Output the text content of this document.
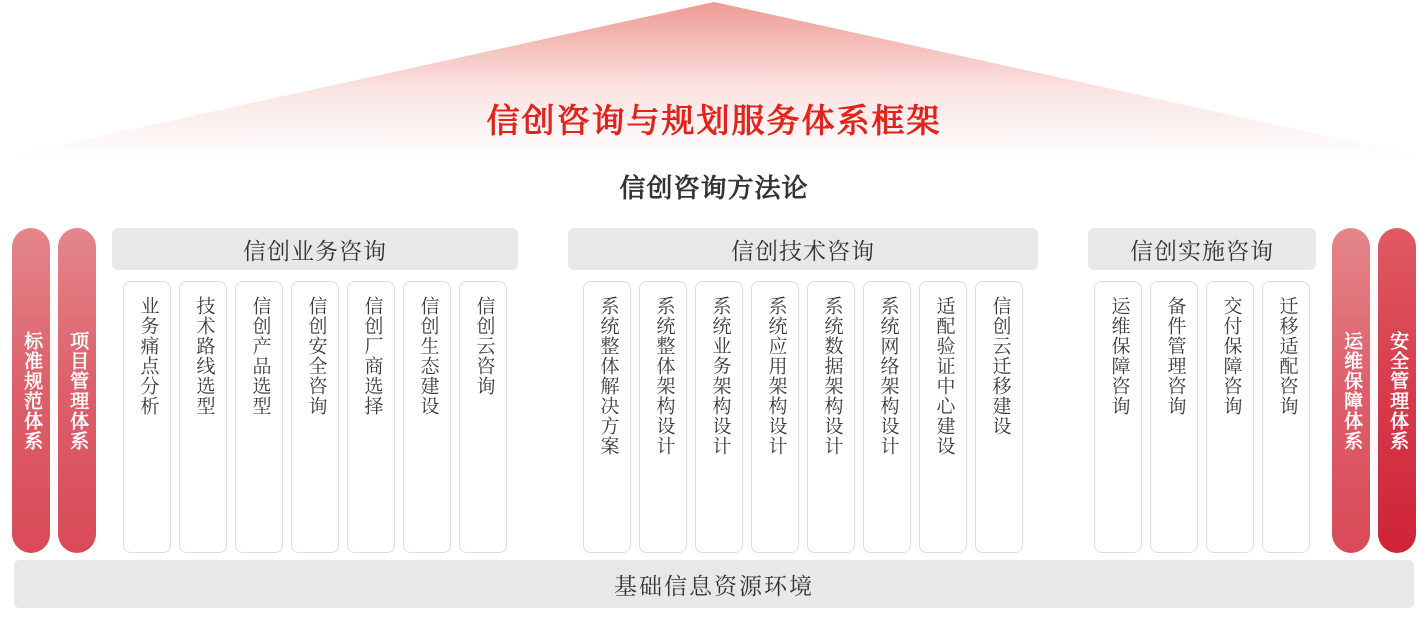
信创咨询与规划服务体系框架
信创咨询方法论
标准规范体系 项目管理体系
信创业务咨询
业务痛点分析 技术路线选型 信创产品选型 信创安全咨询 信创厂商选择 信创生态建设 信创云咨询
信创技术咨询
系统整体解决方案 系统整体架构设计 系统业务架构设计 系统应用架构设计 系统数据架构设计 系统网络架构设计 适配验证中心建设 信创云迁移建设
信创实施咨询
运维保障咨询 备件管理咨询 交付保障咨询 迁移适配咨询 运维保障体系 安全管理体系
基础信息资源环境
